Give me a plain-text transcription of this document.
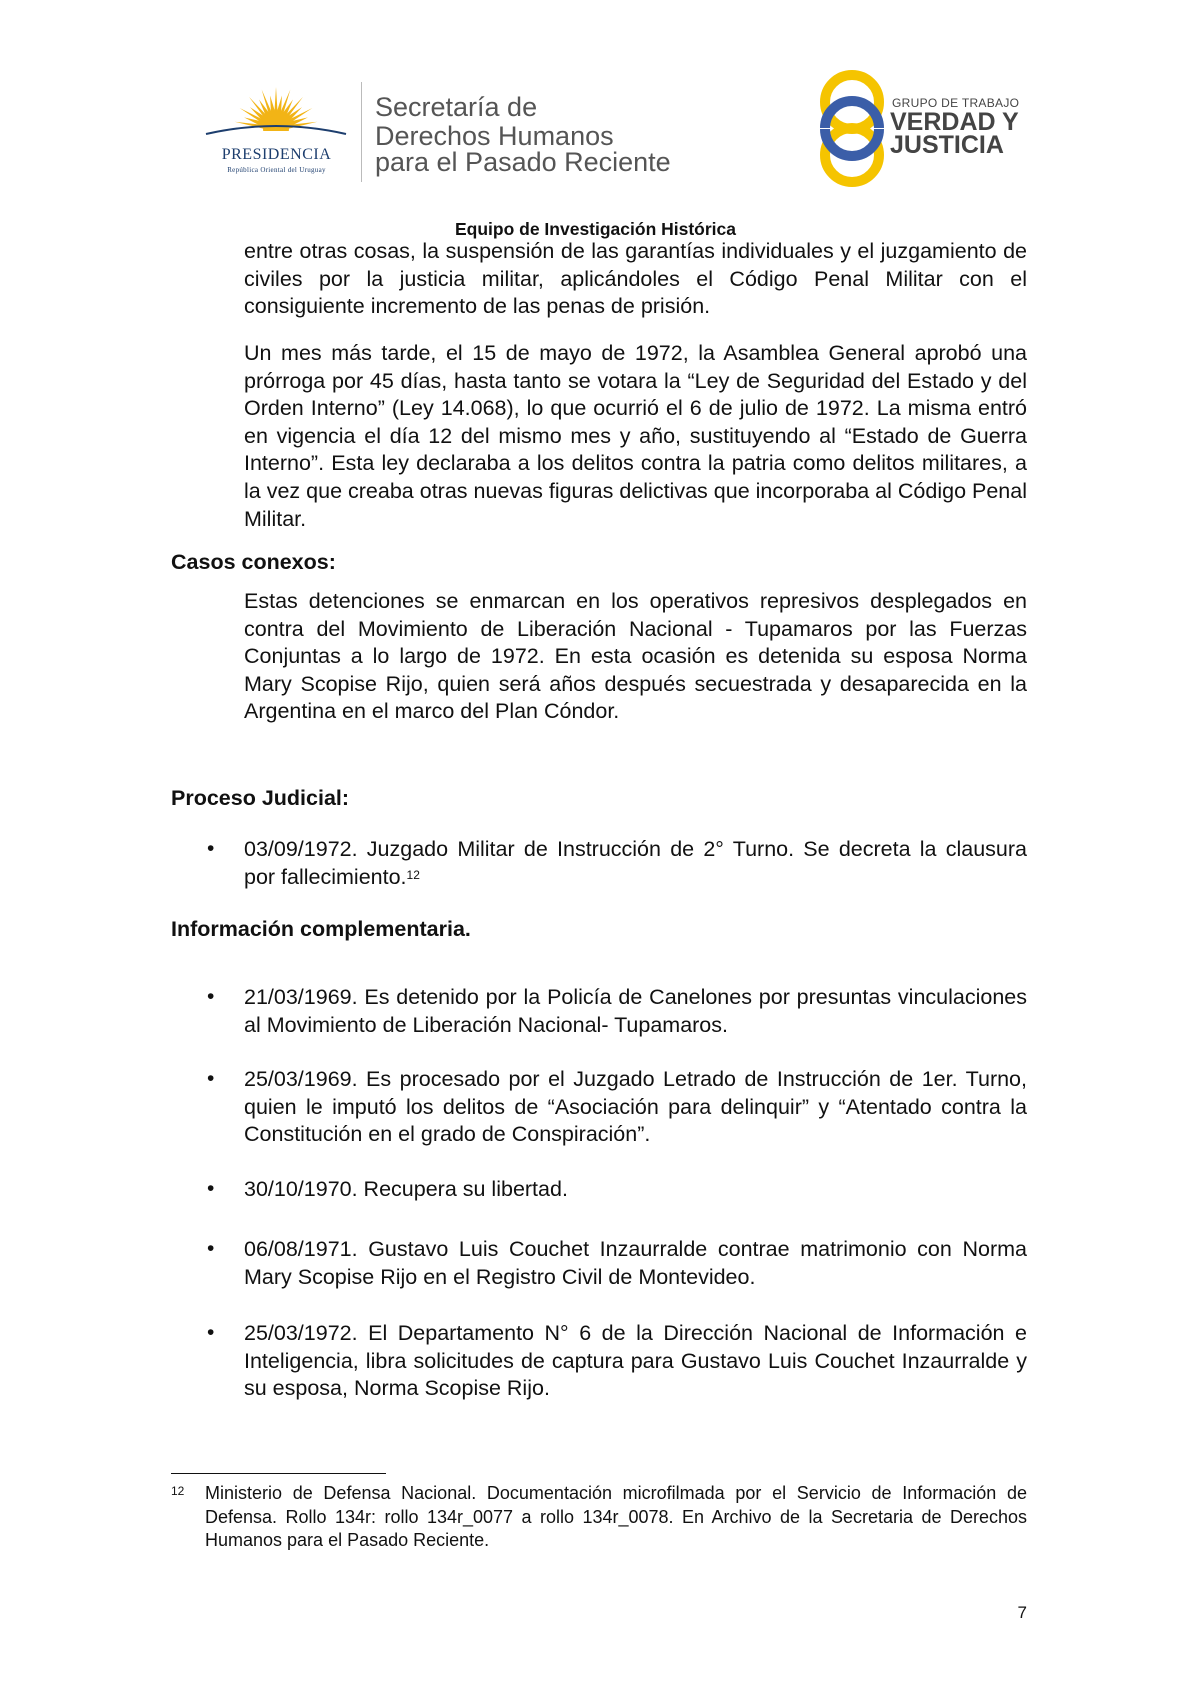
PRESIDENCIA
República Oriental del Uruguay
Secretaría de
Derechos Humanos
para el Pasado Reciente
GRUPO DE TRABAJO
VERDAD Y
JUSTICIA
Equipo de Investigación Histórica
entre otras cosas, la suspensión de las garantías individuales y el juzgamiento de civiles por la justicia militar, aplicándoles el Código Penal Militar con el consiguiente incremento de las penas de prisión.
Un mes más tarde, el 15 de mayo de 1972, la Asamblea General aprobó una prórroga por 45 días, hasta tanto se votara la “Ley de Seguridad del Estado y del Orden Interno” (Ley 14.068), lo que ocurrió el 6 de julio de 1972. La misma entró en vigencia el día 12 del mismo mes y año, sustituyendo al “Estado de Guerra Interno”. Esta ley declaraba a los delitos contra la patria como delitos militares, a la vez que creaba otras nuevas figuras delictivas que incorporaba al Código Penal Militar.
Casos conexos:
Estas detenciones se enmarcan en los operativos represivos desplegados en contra del Movimiento de Liberación Nacional - Tupamaros por las Fuerzas Conjuntas a lo largo de 1972. En esta ocasión es detenida su esposa Norma Mary Scopise Rijo, quien será años después secuestrada y desaparecida en la Argentina en el marco del Plan Cóndor.
Proceso Judicial:
• 03/09/1972. Juzgado Militar de Instrucción de 2° Turno. Se decreta la clausura por fallecimiento.$^{12}$
Información complementaria.
• 21/03/1969. Es detenido por la Policía de Canelones por presuntas vinculaciones al Movimiento de Liberación Nacional- Tupamaros.
• 25/03/1969. Es procesado por el Juzgado Letrado de Instrucción de 1er. Turno, quien le imputó los delitos de “Asociación para delinquir” y “Atentado contra la Constitución en el grado de Conspiración”.
• 30/10/1970. Recupera su libertad.
• 06/08/1971. Gustavo Luis Couchet Inzaurralde contrae matrimonio con Norma Mary Scopise Rijo en el Registro Civil de Montevideo.
• 25/03/1972. El Departamento N° 6 de la Dirección Nacional de Información e Inteligencia, libra solicitudes de captura para Gustavo Luis Couchet Inzaurralde y su esposa, Norma Scopise Rijo.
12 Ministerio de Defensa Nacional. Documentación microfilmada por el Servicio de Información de Defensa. Rollo 134r: rollo 134r_0077 a rollo 134r_0078. En Archivo de la Secretaria de Derechos Humanos para el Pasado Reciente.
7
